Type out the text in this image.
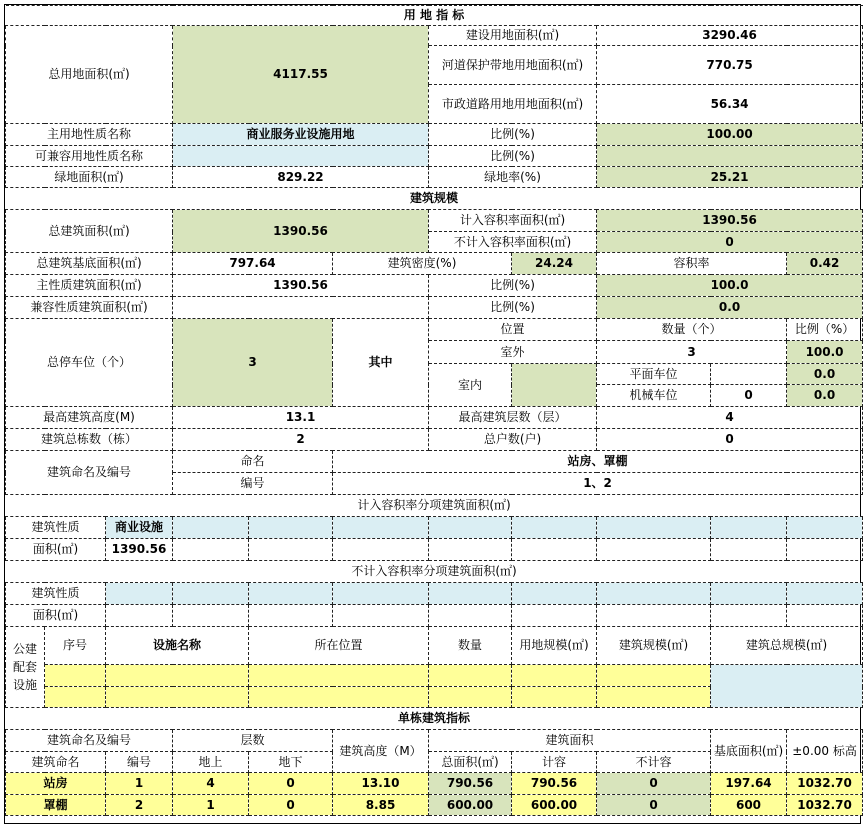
用 地 指 标										
总用地面积(㎡)			4117.55			建设用地面积(㎡)		3290.46		
						河道保护带地用地面积(㎡)		770.75		
						市政道路用地用地面积(㎡)		56.34		
主用地性质名称			商业服务业设施用地			比例(%)		100.00		
可兼容用地性质名称						比例(%)				
绿地面积(㎡)			829.22			绿地率(%)		25.21		
建筑规模										
总建筑面积(㎡)			1390.56			计入容积率面积(㎡)		1390.56		
						不计入容积率面积(㎡)		0		
总建筑基底面积(㎡)			797.64		建筑密度(%)		24.24	容积率		0.42
主性质建筑面积(㎡)			1390.56			比例(%)		100.0		
兼容性质建筑面积(㎡)						比例(%)		0.0		
总停车位（个）			3		其中	位置		数量（个）		比例（%）
						室外		3		100.0
						室内		平面车位		0.0
								机械车位	0	0.0
最高建筑高度(M)			13.1			最高建筑层数（层）		4		
建筑总栋数（栋）			2			总户数(户)		0		
建筑命名及编号			命名		站房、罩棚					
			编号		1、2					
计入容积率分项建筑面积(㎡)										
建筑性质		商业设施								
面积(㎡)		1390.56								
不计入容积率分项建筑面积(㎡)										
建筑性质										
面积(㎡)										
公建配套设施	序号	设施名称		所在位置		数量	用地规模(㎡)	建筑规模(㎡)	建筑总规模(㎡)	

单栋建筑指标										
建筑命名及编号			层数		建筑高度（M）	建筑面积			基底面积(㎡)	±0.00 标高
建筑命名		编号	地上	地下		总面积(㎡)	计容	不计容		
站房		1	4	0	13.10	790.56	790.56	0	197.64	1032.70
罩棚		2	1	0	8.85	600.00	600.00	0	600	1032.70
